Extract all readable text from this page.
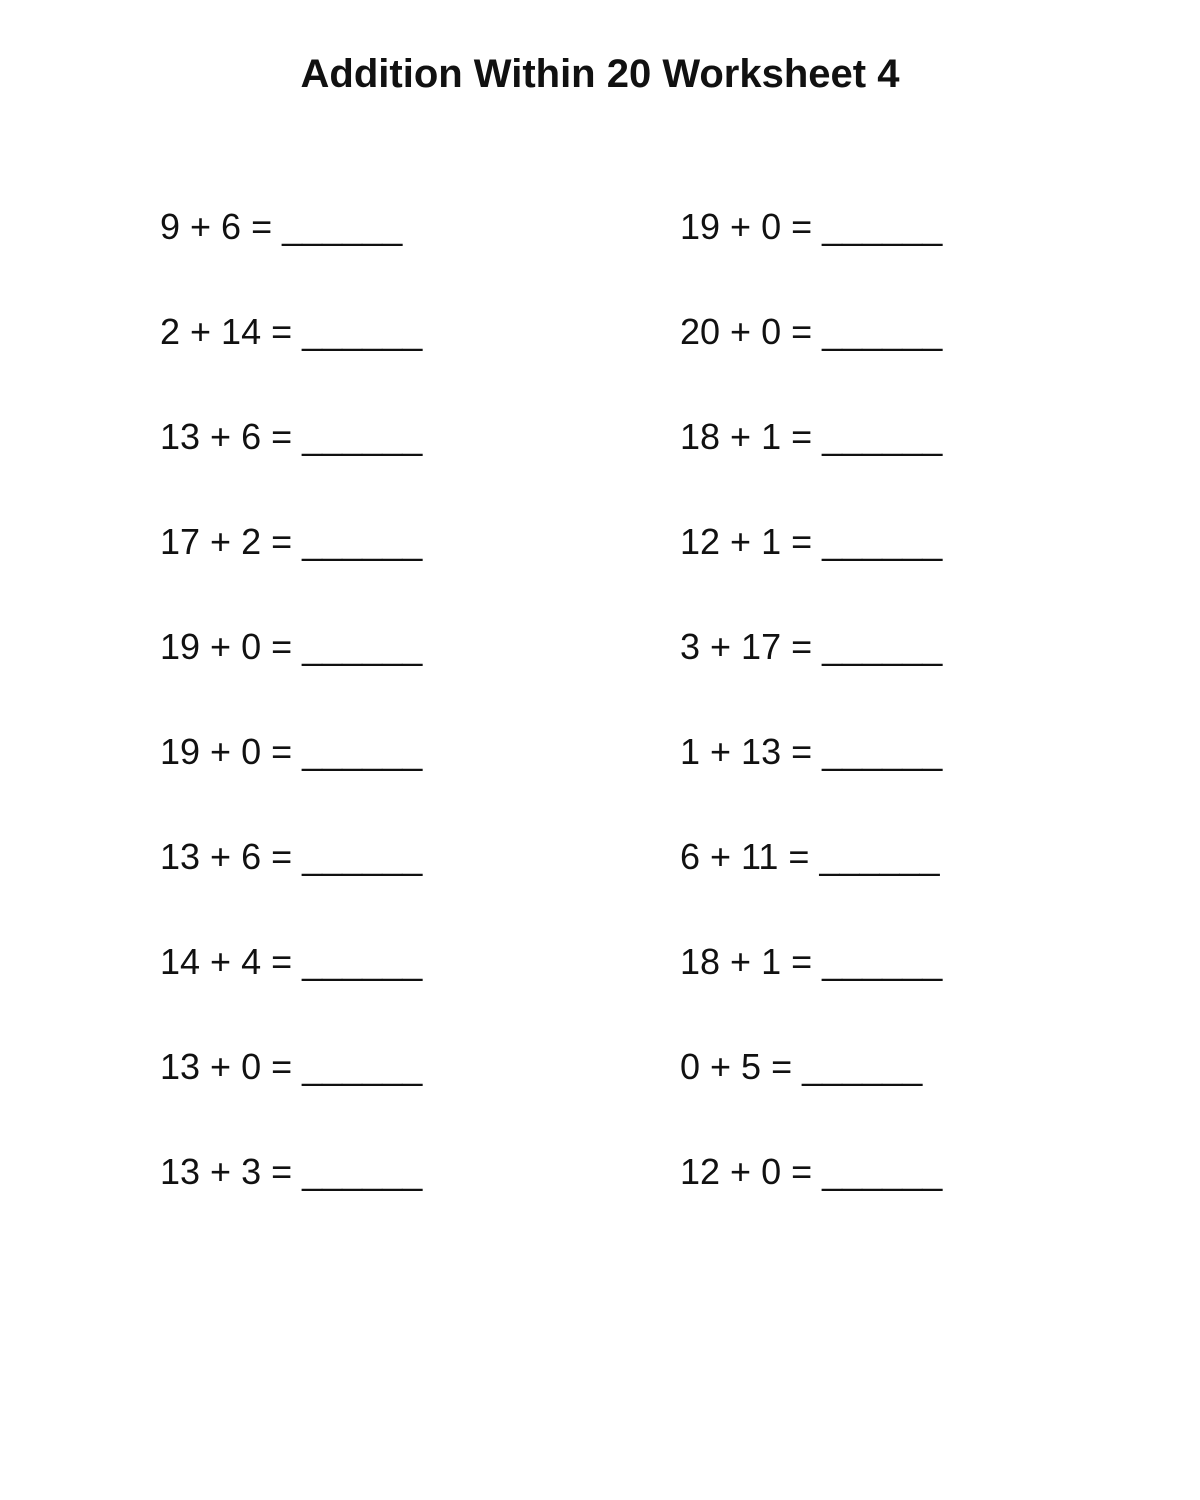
Addition Within 20 Worksheet 4
9 + 6 = ______	19 + 0 = ______
2 + 14 = ______	20 + 0 = ______
13 + 6 = ______	18 + 1 = ______
17 + 2 = ______	12 + 1 = ______
19 + 0 = ______	3 + 17 = ______
19 + 0 = ______	1 + 13 = ______
13 + 6 = ______	6 + 11 = ______
14 + 4 = ______	18 + 1 = ______
13 + 0 = ______	0 + 5 = ______
13 + 3 = ______	12 + 0 = ______
